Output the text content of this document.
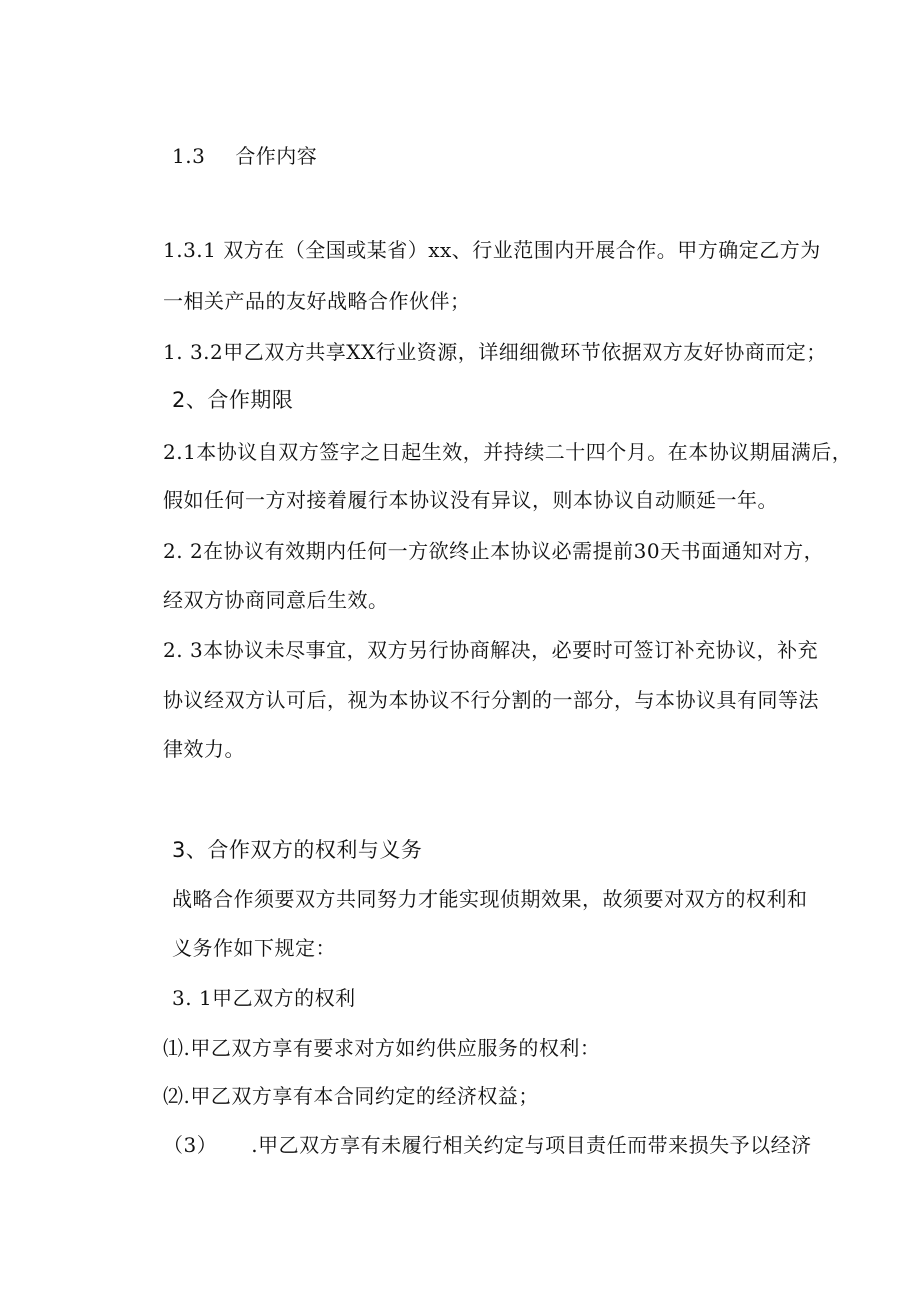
1.3 合作内容
1.3.1 双方在（全国或某省）xx、行业范围内开展合作。甲方确定乙方为
一相关产品的友好战略合作伙伴；
1. 3.2甲乙双方共享XX行业资源，详细细微环节依据双方友好协商而定；
2、合作期限
2.1本协议自双方签字之日起生效，并持续二十四个月。在本协议期届满后，
假如任何一方对接着履行本协议没有异议，则本协议自动顺延一年。
2. 2在协议有效期内任何一方欲终止本协议必需提前30天书面通知对方，
经双方协商同意后生效。
2. 3本协议未尽事宜，双方另行协商解决，必要时可签订补充协议，补充
协议经双方认可后，视为本协议不行分割的一部分，与本协议具有同等法
律效力。
3、合作双方的权利与义务
战略合作须要双方共同努力才能实现侦期效果，故须要对双方的权利和
义务作如下规定：
3. 1甲乙双方的权利
⑴.甲乙双方享有要求对方如约供应服务的权利：
⑵.甲乙双方享有本合同约定的经济权益；
（3） .甲乙双方享有未履行相关约定与项目责任而带来损失予以经济
